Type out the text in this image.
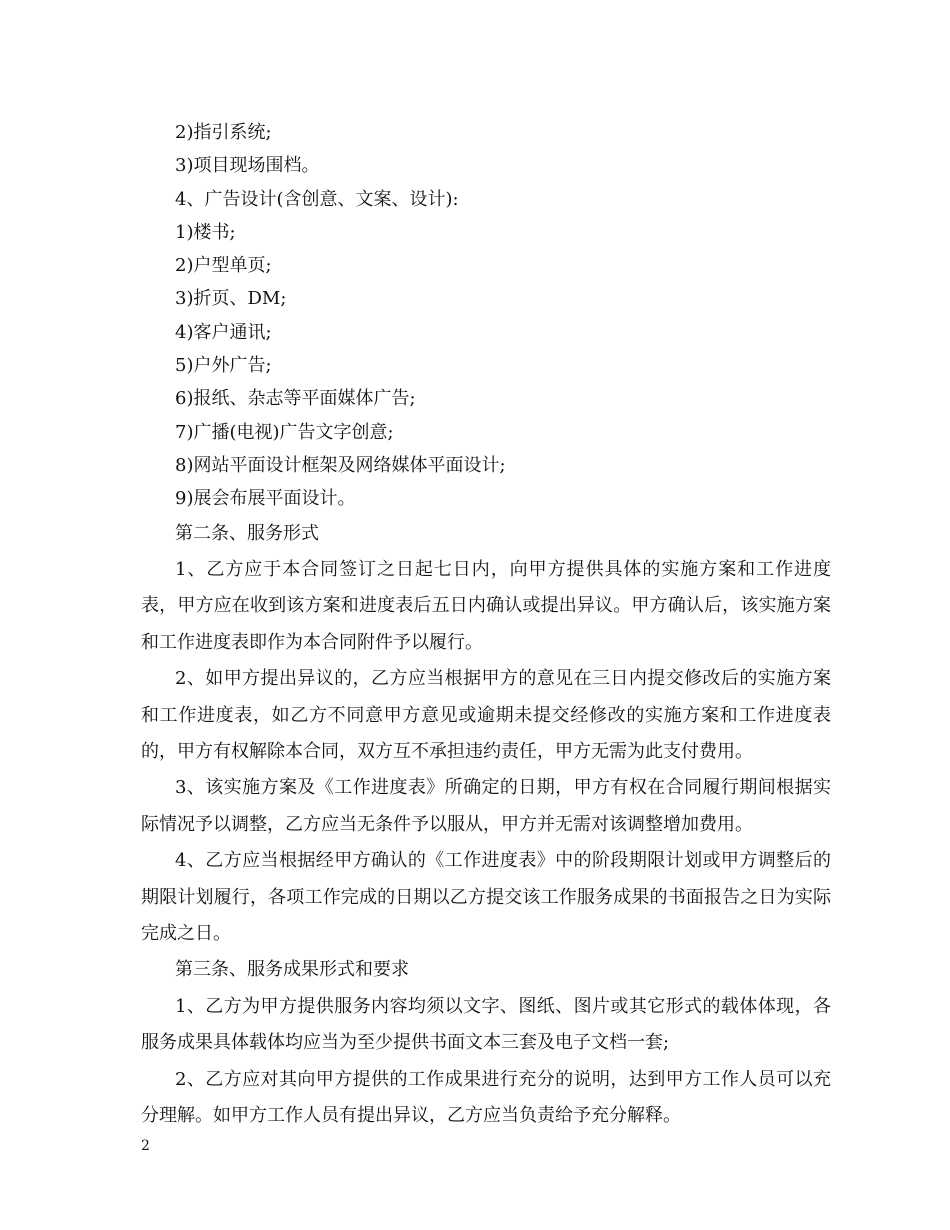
2)指引系统;
3)项目现场围档。
4、广告设计(含创意、文案、设计):
1)楼书;
2)户型单页;
3)折页、DM;
4)客户通讯;
5)户外广告;
6)报纸、杂志等平面媒体广告;
7)广播(电视)广告文字创意;
8)网站平面设计框架及网络媒体平面设计;
9)展会布展平面设计。
第二条、服务形式

1、乙方应于本合同签订之日起七日内，向甲方提供具体的实施方案和工作进度表，甲方应在收到该方案和进度表后五日内确认或提出异议。甲方确认后，该实施方案和工作进度表即作为本合同附件予以履行。

2、如甲方提出异议的，乙方应当根据甲方的意见在三日内提交修改后的实施方案和工作进度表，如乙方不同意甲方意见或逾期未提交经修改的实施方案和工作进度表的，甲方有权解除本合同，双方互不承担违约责任，甲方无需为此支付费用。

3、该实施方案及《工作进度表》所确定的日期，甲方有权在合同履行期间根据实际情况予以调整，乙方应当无条件予以服从，甲方并无需对该调整增加费用。

4、乙方应当根据经甲方确认的《工作进度表》中的阶段期限计划或甲方调整后的期限计划履行，各项工作完成的日期以乙方提交该工作服务成果的书面报告之日为实际完成之日。

第三条、服务成果形式和要求

1、乙方为甲方提供服务内容均须以文字、图纸、图片或其它形式的载体体现，各服务成果具体载体均应当为至少提供书面文本三套及电子文档一套;

2、乙方应对其向甲方提供的工作成果进行充分的说明，达到甲方工作人员可以充分理解。如甲方工作人员有提出异议，乙方应当负责给予充分解释。

2
